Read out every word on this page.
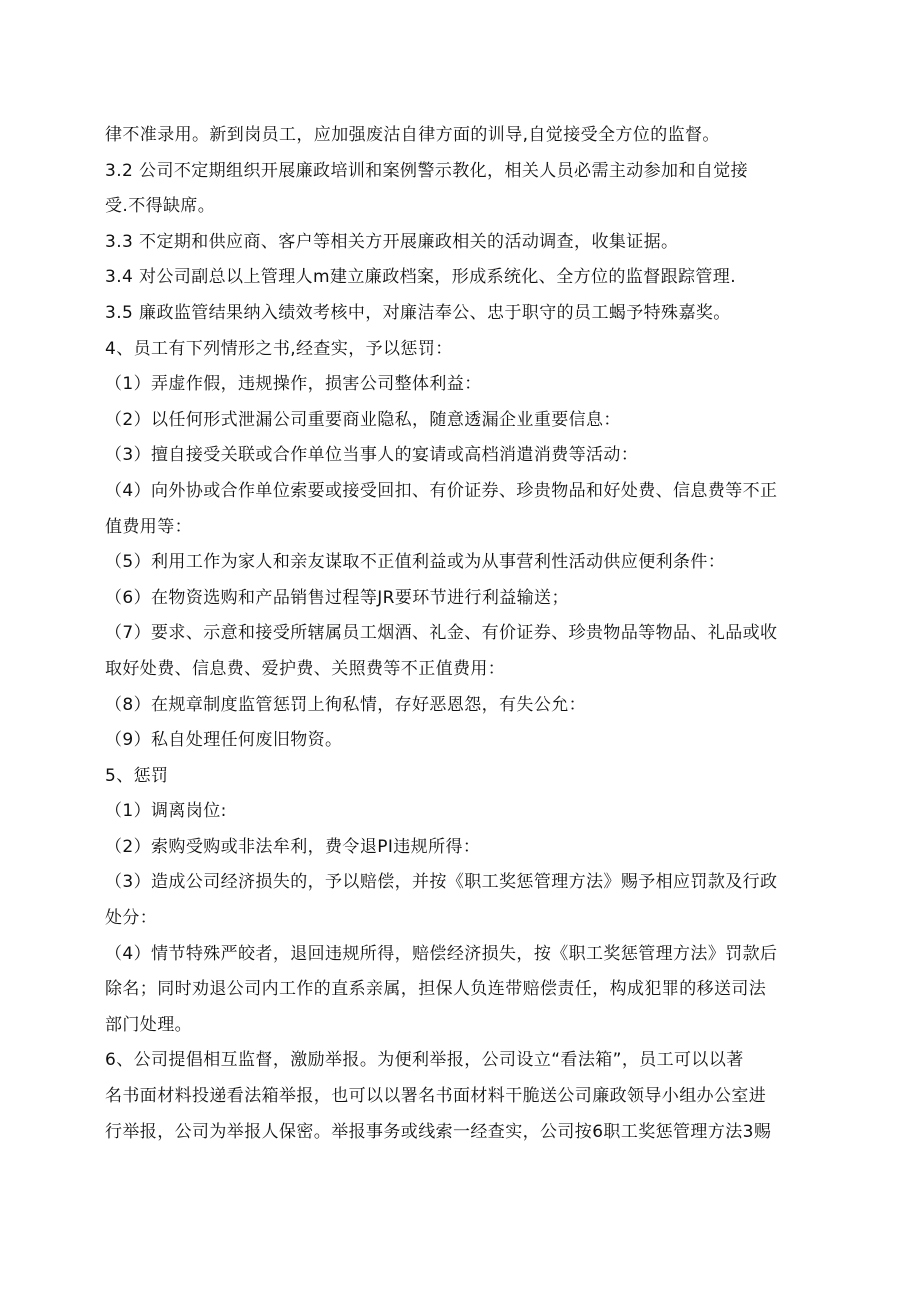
律不准录用。新到岗员工，应加强废沽自律方面的训导,自觉接受全方位的监督。
3.2 公司不定期组织开展廉政培训和案例警示教化，相关人员必需主动参加和自觉接
受.不得缺席。
3.3 不定期和供应商、客户等相关方开展廉政相关的活动调查，收集证据。
3.4 对公司副总以上管理人m建立廉政档案，形成系统化、全方位的监督跟踪管理.
3.5 廉政监管结果纳入绩效考核中，对廉洁奉公、忠于职守的员工蝎予特殊嘉奖。
4、员工有下列情形之书,经查实，予以惩罚：
（1）弄虚作假，违规操作，损害公司整体利益：
（2）以任何形式泄漏公司重要商业隐私，随意透漏企业重要信息：
（3）擅自接受关联或合作单位当事人的宴请或高档消遣消费等活动：
（4）向外协或合作单位索要或接受回扣、有价证券、珍贵物品和好处费、信息费等不正
值费用等：
（5）利用工作为家人和亲友谋取不正值利益或为从事营利性活动供应便利条件：
（6）在物资选购和产品销售过程等JR要环节进行利益输送；
（7）要求、示意和接受所辖属员工烟酒、礼金、有价证券、珍贵物品等物品、礼品或收
取好处费、信息费、爱护费、关照费等不正值费用：
（8）在规章制度监管惩罚上徇私情，存好恶恩怨，有失公允：
（9）私自处理任何废旧物资。
5、惩罚
（1）调离岗位:
（2）索购受购或非法牟利，费令退PI违规所得：
（3）造成公司经济损失的，予以赔偿，并按《职工奖惩管理方法》赐予相应罚款及行政
处分：
（4）情节特殊严皎者，退回违规所得，赔偿经济损失，按《职工奖惩管理方法》罚款后
除名；同时劝退公司内工作的直系亲属，担保人负连带赔偿责任，构成犯罪的移送司法
部门处理。
6、公司提倡相互监督，激励举报。为便利举报，公司设立“看法箱”，员工可以以著
名书面材料投递看法箱举报，也可以以署名书面材料干脆送公司廉政领导小组办公室进
行举报，公司为举报人保密。举报事务或线索一经查实，公司按6职工奖惩管理方法3赐
